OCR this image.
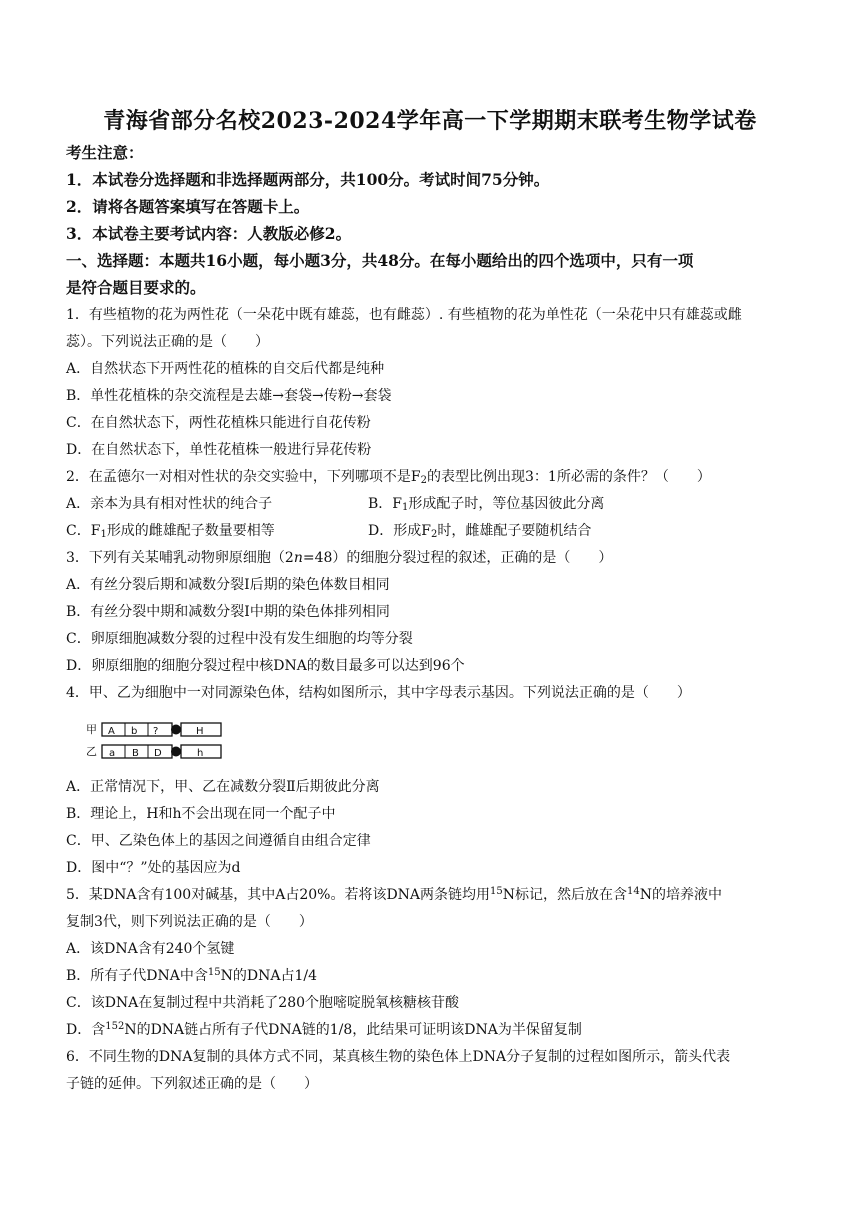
青海省部分名校2023-2024学年高一下学期期末联考生物学试卷
考生注意：
1．本试卷分选择题和非选择题两部分，共100分。考试时间75分钟。
2．请将各题答案填写在答题卡上。
3．本试卷主要考试内容：人教版必修2。
一、选择题：本题共16小题，每小题3分，共48分。在每小题给出的四个选项中，只有一项
是符合题目要求的。
1．有些植物的花为两性花（一朵花中既有雄蕊，也有雌蕊）. 有些植物的花为单性花（一朵花中只有雄蕊或雌
蕊）。下列说法正确的是（　　）
A．自然状态下开两性花的植株的自交后代都是纯种
B．单性花植株的杂交流程是去雄→套袋→传粉→套袋
C．在自然状态下，两性花植株只能进行自花传粉
D．在自然状态下，单性花植株一般进行异花传粉
2．在孟德尔一对相对性状的杂交实验中，下列哪项不是$F_2$的表型比例出现3：1所必需的条件？（　　）
A．亲本为具有相对性状的纯合子	B．$F_1$形成配子时，等位基因彼此分离
C．$F_1$形成的雌雄配子数量要相等	D．形成$F_2$时，雌雄配子要随机结合
3．下列有关某哺乳动物卵原细胞（2n=48）的细胞分裂过程的叙述，正确的是（　　）
A．有丝分裂后期和减数分裂Ⅰ后期的染色体数目相同
B．有丝分裂中期和减数分裂Ⅰ中期的染色体排列相同
C．卵原细胞减数分裂的过程中没有发生细胞的均等分裂
D．卵原细胞的细胞分裂过程中核DNA的数目最多可以达到96个
4．甲、乙为细胞中一对同源染色体，结构如图所示，其中字母表示基因。下列说法正确的是（　　）
甲 A b ?	H
乙 a B D	h
A．正常情况下，甲、乙在减数分裂Ⅱ后期彼此分离
B．理论上，H和h不会出现在同一个配子中
C．甲、乙染色体上的基因之间遵循自由组合定律
D．图中“？”处的基因应为d
5．某DNA含有100对碱基，其中A占20%。若将该DNA两条链均用$^{15}$N标记，然后放在含$^{14}$N的培养液中
复制3代，则下列说法正确的是（　　）
A．该DNA含有240个氢键
B．所有子代DNA中含$^{15}$N的DNA占1/4
C．该DNA在复制过程中共消耗了280个胞嘧啶脱氧核糖核苷酸
D．含$^{152}$N的DNA链占所有子代DNA链的1/8，此结果可证明该DNA为半保留复制
6．不同生物的DNA复制的具体方式不同，某真核生物的染色体上DNA分子复制的过程如图所示，箭头代表
子链的延伸。下列叙述正确的是（　　）
